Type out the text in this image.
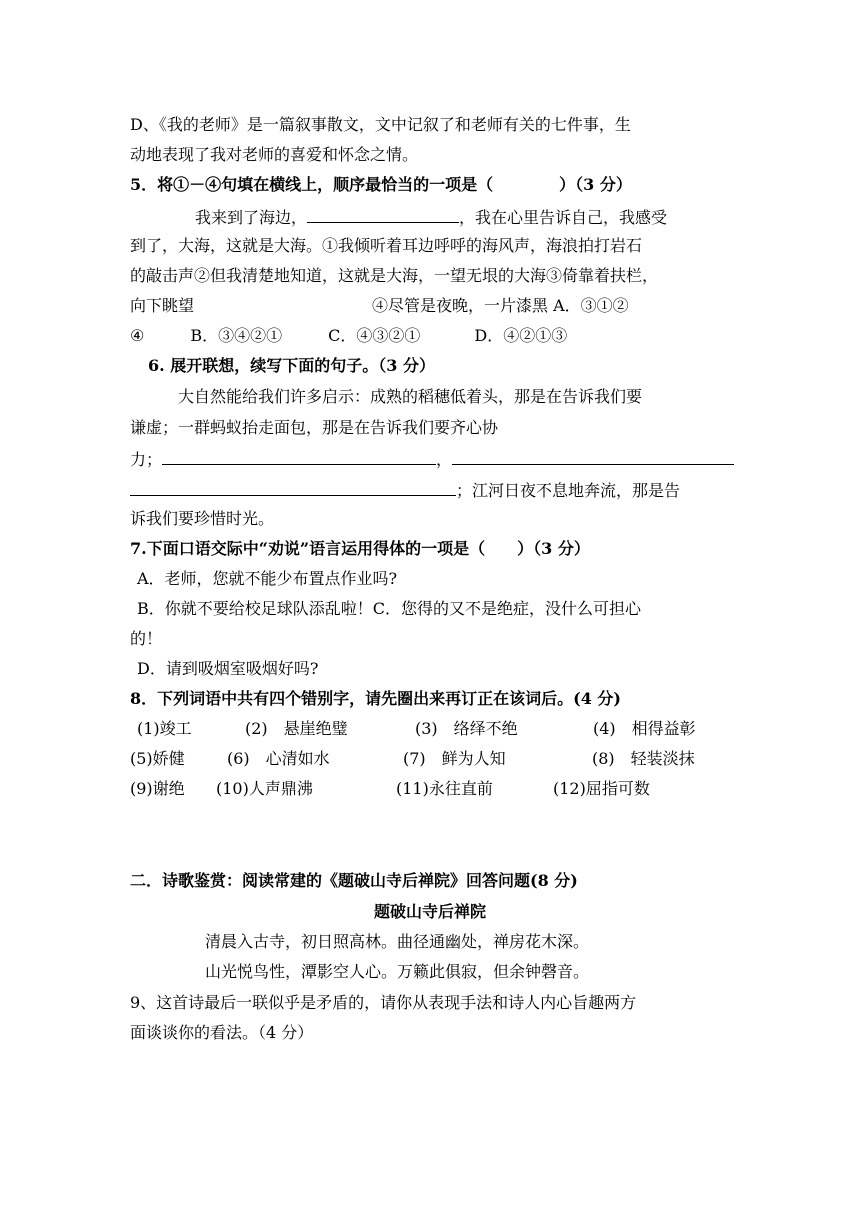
D、《我的老师》是一篇叙事散文，文中记叙了和老师有关的七件事，生
动地表现了我对老师的喜爱和怀念之情。
5．将①－④句填在横线上，顺序最恰当的一项是（	）（3 分）
我来到了海边，	，我在心里告诉自己，我感受
到了，大海，这就是大海。①我倾听着耳边呼呼的海风声，海浪拍打岩石
的敲击声②但我清楚地知道，这就是大海，一望无垠的大海③倚靠着扶栏，
向下眺望	④尽管是夜晚，一片漆黑 A．③①②
④	B．③④②①	C．④③②①	D．④②①③
6. 展开联想，续写下面的句子。（3 分）
大自然能给我们许多启示：成熟的稻穗低着头，那是在告诉我们要
谦虚；一群蚂蚁抬走面包，那是在告诉我们要齐心协
力；	，
；江河日夜不息地奔流，那是告
诉我们要珍惜时光。
7.下面口语交际中“劝说”语言运用得体的一项是（　　）（3 分）
A．老师，您就不能少布置点作业吗?
B．你就不要给校足球队添乱啦！C．您得的又不是绝症，没什么可担心
的！
D．请到吸烟室吸烟好吗?
8．下列词语中共有四个错别字，请先圈出来再订正在该词后。(4 分)
(1)竣工	(2)　悬崖绝璧	(3)　络绎不绝	(4)　相得益彰
(5)娇健	(6)　心清如水	(7)　鲜为人知	(8)　轻装淡抹
(9)谢绝 (10)人声鼎沸	(11)永往直前	(12)屈指可数
二．诗歌鉴赏：阅读常建的《题破山寺后禅院》回答问题(8 分)
题破山寺后禅院
清晨入古寺，初日照高林。曲径通幽处，禅房花木深。
山光悦鸟性，潭影空人心。万籁此俱寂，但余钟磬音。
9、这首诗最后一联似乎是矛盾的，请你从表现手法和诗人内心旨趣两方
面谈谈你的看法。（4 分）
